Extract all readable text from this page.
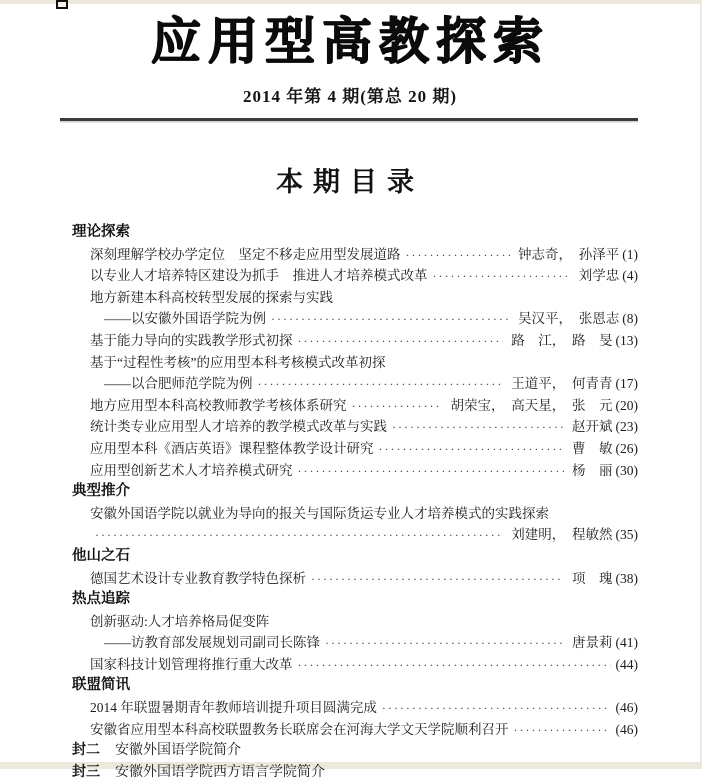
应用型高教探索
2014 年第 4 期(第总 20 期)
本期目录
理论探索
深刻理解学校办学定位　坚定不移走应用型发展道路 ·····	钟志奇，　孙泽平 (1)
以专业人才培养特区建设为抓手　推进人才培养模式改革 ·····	刘学忠 (4)
地方新建本科高校转型发展的探索与实践
——以安徽外国语学院为例 ·····	吴汉平，　张恩志 (8)
基于能力导向的实践教学形式初探 ·····	路　江，　路　旻 (13)
基于“过程性考核”的应用型本科考核模式改革初探
——以合肥师范学院为例 ·····	王道平，　何青青 (17)
地方应用型本科高校教师教学考核体系研究 ·····	胡荣宝，　高天星，　张　元 (20)
统计类专业应用型人才培养的教学模式改革与实践 ·····	赵开斌 (23)
应用型本科《酒店英语》课程整体教学设计研究 ·····	曹　敏 (26)
应用型创新艺术人才培养模式研究 ·····	杨　丽 (30)
典型推介
安徽外国语学院以就业为导向的报关与国际货运专业人才培养模式的实践探索
·····
刘建明，　程敏然 (35)
他山之石
德国艺术设计专业教育教学特色探析 ·····	项　瑰 (38)
热点追踪
创新驱动:人才培养格局促变阵
——访教育部发展规划司副司长陈锋 ·····	唐景莉 (41)
国家科技计划管理将推行重大改革 ·····	(44)
联盟简讯
2014 年联盟暑期青年教师培训提升项目圆满完成 ·····	(46)
安徽省应用型本科高校联盟教务长联席会在河海大学文天学院顺利召开 ·····	(46)
封二 安徽外国语学院简介
封三 安徽外国语学院西方语言学院简介
